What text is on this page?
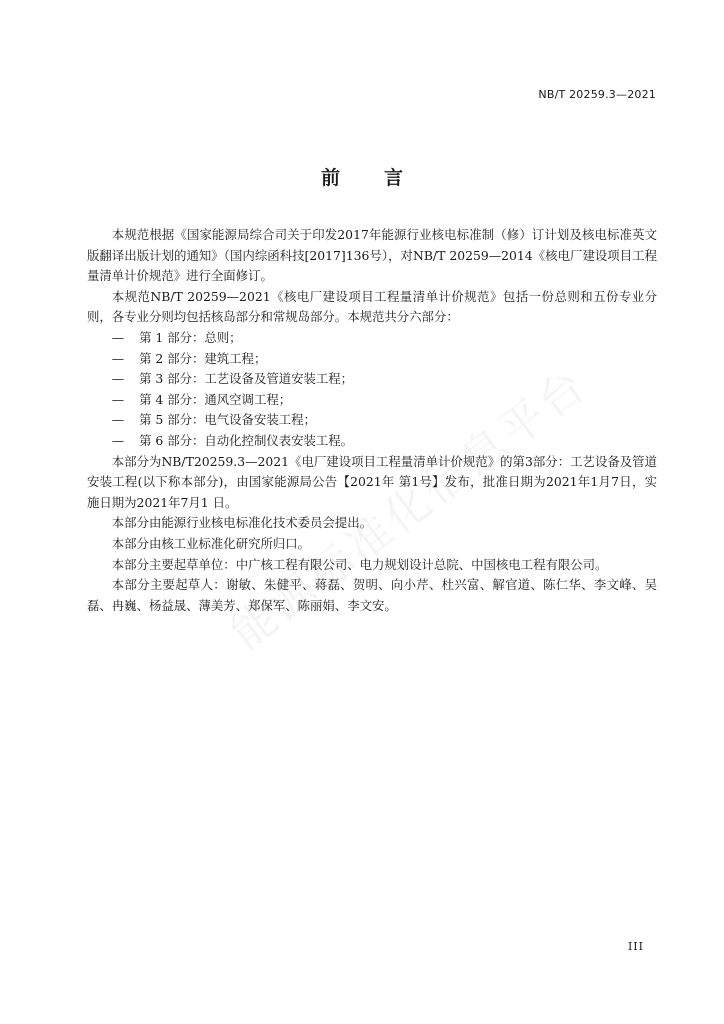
NB/T 20259.3—2021
前言

本规范根据《国家能源局综合司关于印发2017年能源行业核电标准制（修）订计划及核电标准英文版翻译出版计划的通知》（国内综函科技[2017]136号），对NB/T 20259—2014《核电厂建设项目工程量清单计价规范》进行全面修订。

本规范NB/T 20259—2021《核电厂建设项目工程量清单计价规范》包括一份总则和五份专业分则，各专业分则均包括核岛部分和常规岛部分。本规范共分六部分：

— 第 1 部分：总则；

— 第 2 部分：建筑工程；

— 第 3 部分：工艺设备及管道安装工程；

— 第 4 部分：通风空调工程；

— 第 5 部分：电气设备安装工程；

— 第 6 部分：自动化控制仪表安装工程。

本部分为NB/T20259.3—2021《电厂建设项目工程量清单计价规范》的第3部分：工艺设备及管道安装工程(以下称本部分)，由国家能源局公告【2021年 第1号】发布，批准日期为2021年1月7日，实施日期为2021年7月1 日。

本部分由能源行业核电标准化技术委员会提出。

本部分由核工业标准化研究所归口。

本部分主要起草单位：中广核工程有限公司、电力规划设计总院、中国核电工程有限公司。

本部分主要起草人：谢敏、朱健平、蒋磊、贺明、向小芹、杜兴富、解官道、陈仁华、李文峰、吴磊、冉巍、杨益晟、薄美芳、郑保军、陈丽娟、李文安。

III
